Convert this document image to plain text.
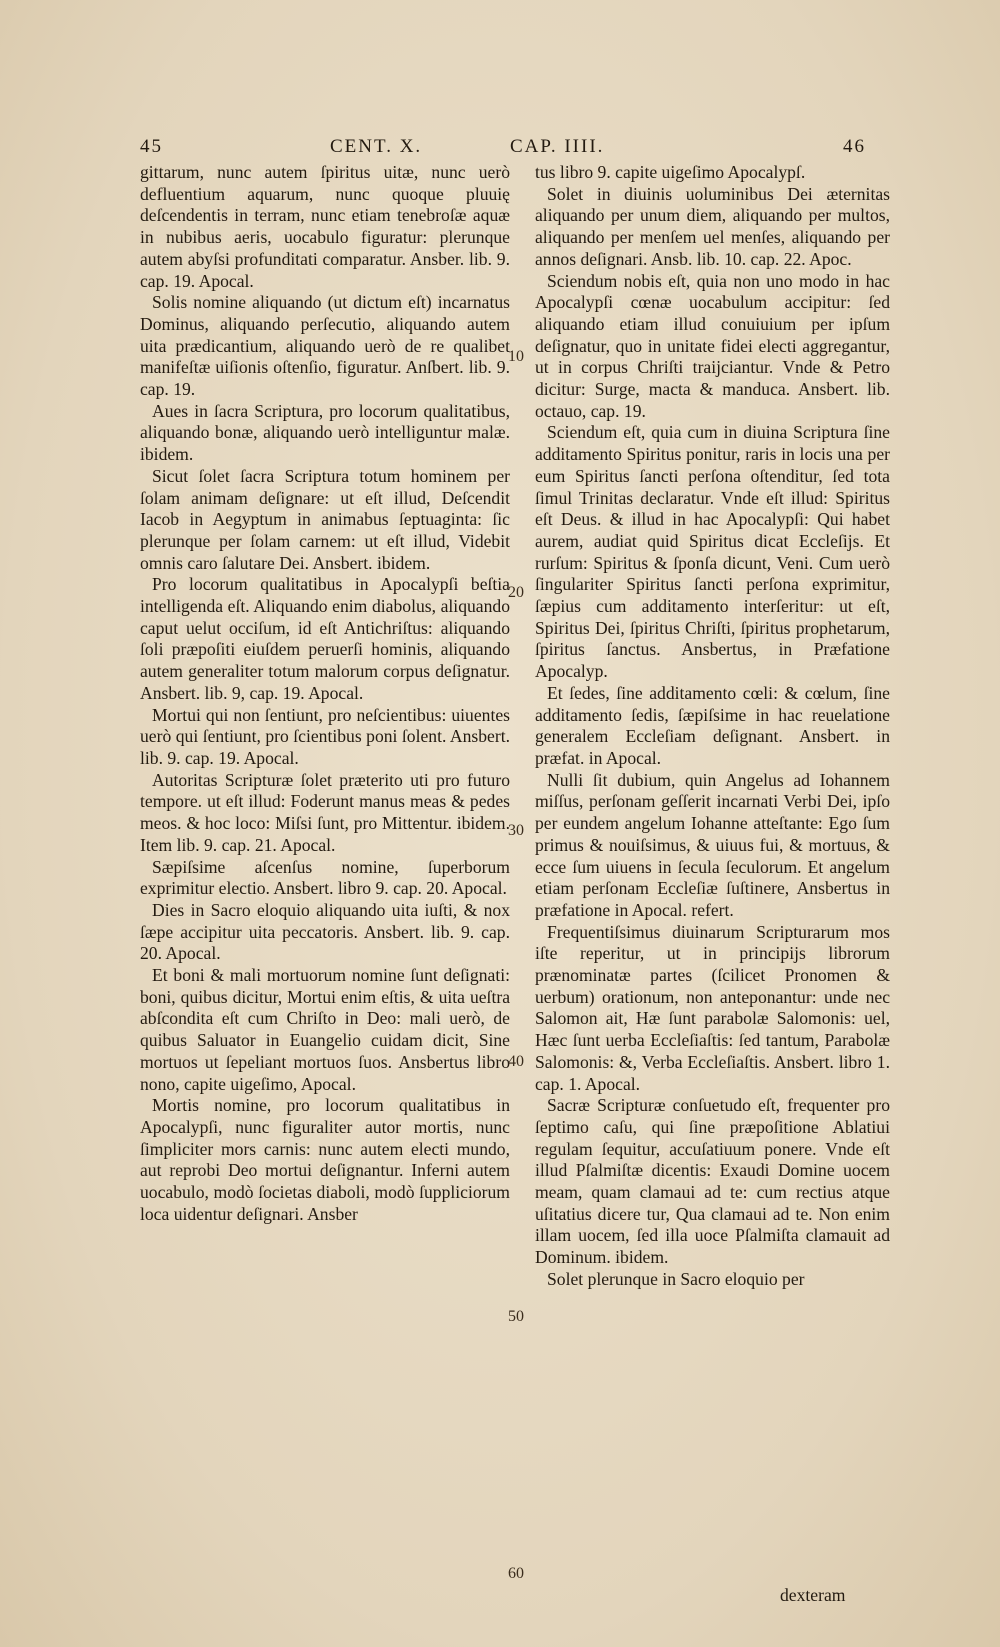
45	CENT. X.	CAP. IIII.	46

gittarum, nunc autem ſpiritus uitæ, nunc uerò defluentium aquarum, nunc quoque pluuię deſcendentis in terram, nunc etiam tenebroſæ aquæ in nubibus aeris, uocabulo figuratur: plerunque autem abyſsi profunditati comparatur. Ansber. lib. 9. cap. 19. Apocal.

Solis nomine aliquando (ut dictum eſt) incarnatus Dominus, aliquando perſecutio, aliquando autem uita prædicantium, aliquando uerò de re qualibet manifeſtæ uiſionis oſtenſio, figuratur. Anſbert. lib. 9. cap. 19.

Aues in ſacra Scriptura, pro locorum qualitatibus, aliquando bonæ, aliquando uerò intelliguntur malæ. ibidem.

Sicut ſolet ſacra Scriptura totum hominem per ſolam animam deſignare: ut eſt illud, Deſcendit Iacob in Aegyptum in animabus ſeptuaginta: ſic plerunque per ſolam carnem: ut eſt illud, Videbit omnis caro ſalutare Dei. Ansbert. ibidem.

Pro locorum qualitatibus in Apocalypſi beſtia intelligenda eſt. Aliquando enim diabolus, aliquando caput uelut occiſum, id eſt Antichriſtus: aliquando ſoli præpoſiti eiuſdem peruerſi hominis, aliquando autem generaliter totum malorum corpus deſignatur. Ansbert. lib. 9, cap. 19. Apocal.

Mortui qui non ſentiunt, pro neſcientibus: uiuentes uerò qui ſentiunt, pro ſcientibus poni ſolent. Ansbert. lib. 9. cap. 19. Apocal.

Autoritas Scripturæ ſolet præterito uti pro futuro tempore. ut eſt illud: Foderunt manus meas & pedes meos. & hoc loco: Miſsi ſunt, pro Mittentur. ibidem. Item lib. 9. cap. 21. Apocal.

Sæpiſsime aſcenſus nomine, ſuperborum exprimitur electio. Ansbert. libro 9. cap. 20. Apocal.

Dies in Sacro eloquio aliquando uita iuſti, & nox ſæpe accipitur uita peccatoris. Ansbert. lib. 9. cap. 20. Apocal.

Et boni & mali mortuorum nomine ſunt deſignati: boni, quibus dicitur, Mortui enim eſtis, & uita ueſtra abſcondita eſt cum Chriſto in Deo: mali uerò, de quibus Saluator in Euangelio cuidam dicit, Sine mortuos ut ſepeliant mortuos ſuos. Ansbertus libro nono, capite uigeſimo, Apocal.

Mortis nomine, pro locorum qualitatibus in Apocalypſi, nunc figuraliter autor mortis, nunc ſimpliciter mors carnis: nunc autem electi mundo, aut reprobi Deo mortui deſignantur. Inferni autem uocabulo, modò ſocietas diaboli, modò ſuppliciorum loca uidentur deſignari. Ansber

10
20
30
40
50
60

tus libro 9. capite uigeſimo Apocalypſ.

Solet in diuinis uoluminibus Dei æternitas aliquando per unum diem, aliquando per multos, aliquando per menſem uel menſes, aliquando per annos deſignari. Ansb. lib. 10. cap. 22. Apoc.

Sciendum nobis eſt, quia non uno modo in hac Apocalypſi cœnæ uocabulum accipitur: ſed aliquando etiam illud conuiuium per ipſum deſignatur, quo in unitate fidei electi aggregantur, ut in corpus Chriſti traijciantur. Vnde & Petro dicitur: Surge, macta & manduca. Ansbert. lib. octauo, cap. 19.

Sciendum eſt, quia cum in diuina Scriptura ſine additamento Spiritus ponitur, raris in locis una per eum Spiritus ſancti perſona oſtenditur, ſed tota ſimul Trinitas declaratur. Vnde eſt illud: Spiritus eſt Deus. & illud in hac Apocalypſi: Qui habet aurem, audiat quid Spiritus dicat Eccleſijs. Et rurſum: Spiritus & ſponſa dicunt, Veni. Cum uerò ſingulariter Spiritus ſancti perſona exprimitur, ſæpius cum additamento interſeritur: ut eſt, Spiritus Dei, ſpiritus Chriſti, ſpiritus prophetarum, ſpiritus ſanctus. Ansbertus, in Præfatione Apocalyp.

Et ſedes, ſine additamento cœli: & cœlum, ſine additamento ſedis, ſæpiſsime in hac reuelatione generalem Eccleſiam deſignant. Ansbert. in præfat. in Apocal.

Nulli ſit dubium, quin Angelus ad Iohannem miſſus, perſonam geſſerit incarnati Verbi Dei, ipſo per eundem angelum Iohanne atteſtante: Ego ſum primus & nouiſsimus, & uiuus fui, & mortuus, & ecce ſum uiuens in ſecula ſeculorum. Et angelum etiam perſonam Eccleſiæ ſuſtinere, Ansbertus in præfatione in Apocal. refert.

Frequentiſsimus diuinarum Scripturarum mos iſte reperitur, ut in principijs librorum prænominatæ partes (ſcilicet Pronomen & uerbum) orationum, non anteponantur: unde nec Salomon ait, Hæ ſunt parabolæ Salomonis: uel, Hæc ſunt uerba Eccleſiaſtis: ſed tantum, Parabolæ Salomonis: &, Verba Eccleſiaſtis. Ansbert. libro 1. cap. 1. Apocal.

Sacræ Scripturæ conſuetudo eſt, frequenter pro ſeptimo caſu, qui ſine præpoſitione Ablatiui regulam ſequitur, accuſatiuum ponere. Vnde eſt illud Pſalmiſtæ dicentis: Exaudi Domine uocem meam, quam clamaui ad te: cum rectius atque uſitatius dicere tur, Qua clamaui ad te. Non enim illam uocem, ſed illa uoce Pſalmiſta clamauit ad Dominum. ibidem.

Solet plerunque in Sacro eloquio per

dexteram
